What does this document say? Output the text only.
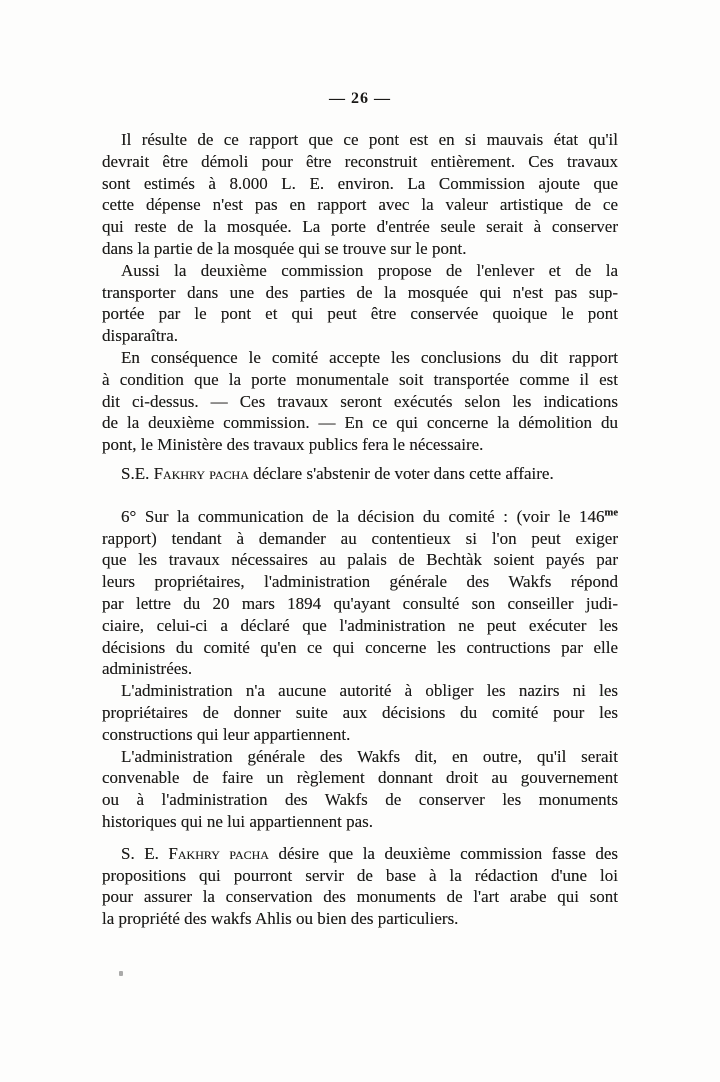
— 26 —
Il résulte de ce rapport que ce pont est en si mauvais état qu'il
devrait être démoli pour être reconstruit entièrement. Ces travaux
sont estimés à 8.000 L. E. environ. La Commission ajoute que
cette dépense n'est pas en rapport avec la valeur artistique de ce
qui reste de la mosquée. La porte d'entrée seule serait à conserver
dans la partie de la mosquée qui se trouve sur le pont.
Aussi la deuxième commission propose de l'enlever et de la
transporter dans une des parties de la mosquée qui n'est pas sup-
portée par le pont et qui peut être conservée quoique le pont
disparaîtra.
En conséquence le comité accepte les conclusions du dit rapport
à condition que la porte monumentale soit transportée comme il est
dit ci-dessus. — Ces travaux seront exécutés selon les indications
de la deuxième commission. — En ce qui concerne la démolition du
pont, le Ministère des travaux publics fera le nécessaire.
S.E. Fakhry pacha déclare s'abstenir de voter dans cette affaire.
6° Sur la communication de la décision du comité : (voir le $146^{me}$
rapport) tendant à demander au contentieux si l'on peut exiger
que les travaux nécessaires au palais de Bechtàk soient payés par
leurs propriétaires, l'administration générale des Wakfs répond
par lettre du 20 mars 1894 qu'ayant consulté son conseiller judi-
ciaire, celui-ci a déclaré que l'administration ne peut exécuter les
décisions du comité qu'en ce qui concerne les contructions par elle
administrées.
L'administration n'a aucune autorité à obliger les nazirs ni les
propriétaires de donner suite aux décisions du comité pour les
constructions qui leur appartiennent.
L'administration générale des Wakfs dit, en outre, qu'il serait
convenable de faire un règlement donnant droit au gouvernement
ou à l'administration des Wakfs de conserver les monuments
historiques qui ne lui appartiennent pas.
S. E. Fakhry pacha désire que la deuxième commission fasse des
propositions qui pourront servir de base à la rédaction d'une loi
pour assurer la conservation des monuments de l'art arabe qui sont
la propriété des wakfs Ahlis ou bien des particuliers.
